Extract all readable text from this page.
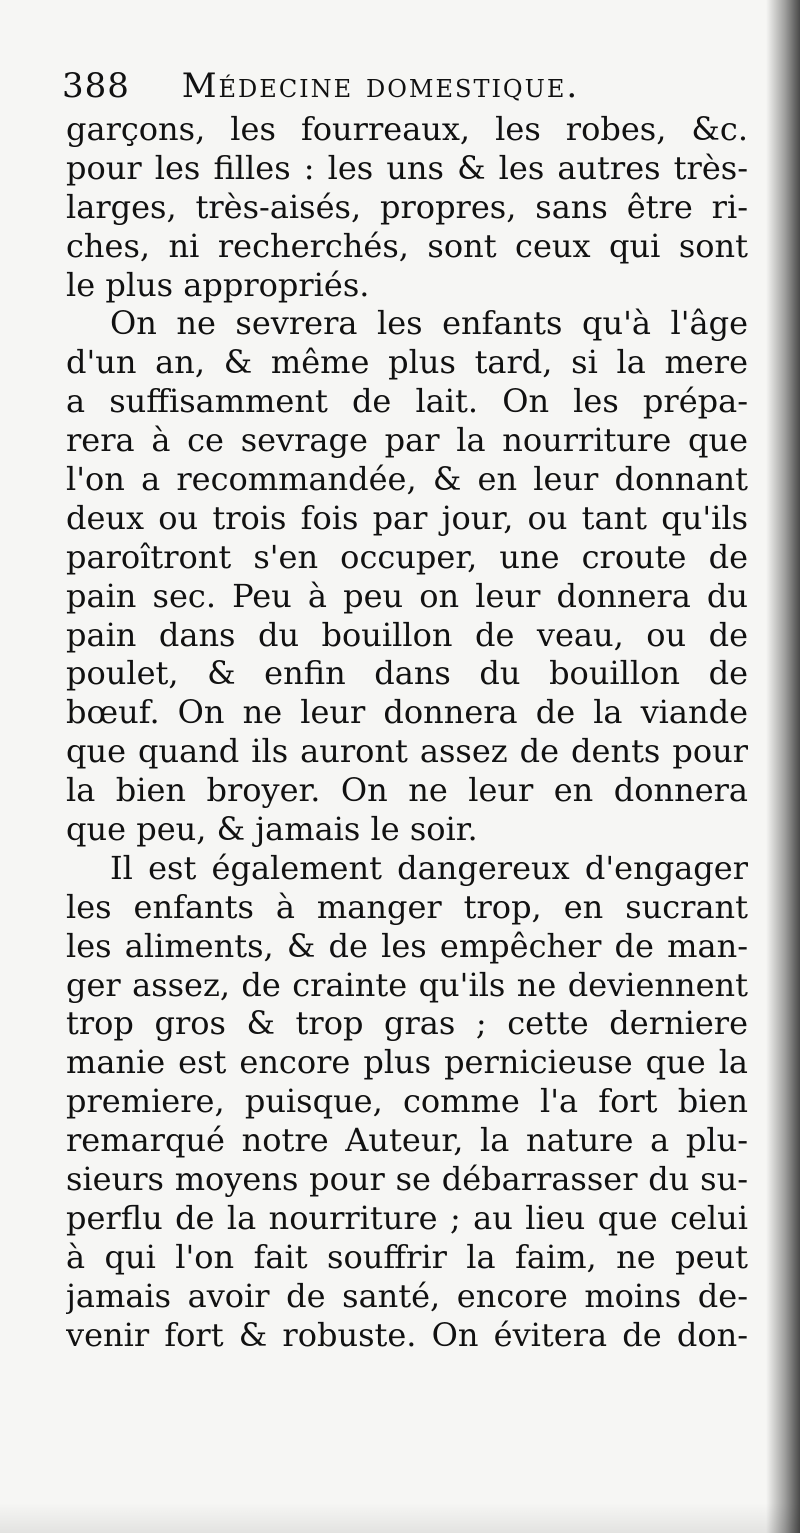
388 Médecine domestique.
garçons, les fourreaux, les robes, &c.
pour les filles : les uns & les autres très-
larges, très-aisés, propres, sans être ri-
ches, ni recherchés, sont ceux qui sont
le plus appropriés.
On ne sevrera les enfants qu'à l'âge
d'un an, & même plus tard, si la mere
a suffisamment de lait. On les prépa-
rera à ce sevrage par la nourriture que
l'on a recommandée, & en leur donnant
deux ou trois fois par jour, ou tant qu'ils
paroîtront s'en occuper, une croute de
pain sec. Peu à peu on leur donnera du
pain dans du bouillon de veau, ou de
poulet, & enfin dans du bouillon de
bœuf. On ne leur donnera de la viande
que quand ils auront assez de dents pour
la bien broyer. On ne leur en donnera
que peu, & jamais le soir.
Il est également dangereux d'engager
les enfants à manger trop, en sucrant
les aliments, & de les empêcher de man-
ger assez, de crainte qu'ils ne deviennent
trop gros & trop gras ; cette derniere
manie est encore plus pernicieuse que la
premiere, puisque, comme l'a fort bien
remarqué notre Auteur, la nature a plu-
sieurs moyens pour se débarrasser du su-
perflu de la nourriture ; au lieu que celui
à qui l'on fait souffrir la faim, ne peut
jamais avoir de santé, encore moins de-
venir fort & robuste. On évitera de don-
